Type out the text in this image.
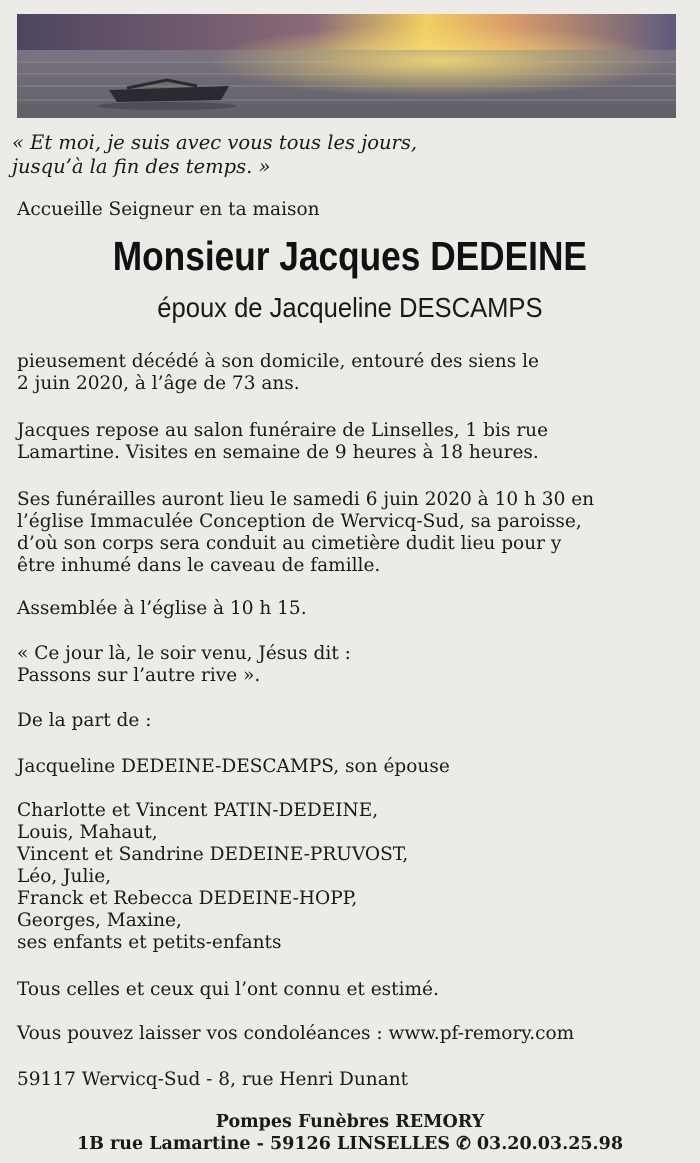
« Et moi, je suis avec vous tous les jours,
jusqu’à la fin des temps. »
Accueille Seigneur en ta maison
Monsieur Jacques DEDEINE
époux de Jacqueline DESCAMPS
pieusement décédé à son domicile, entouré des siens le
2 juin 2020, à l’âge de 73 ans.
Jacques repose au salon funéraire de Linselles, 1 bis rue
Lamartine. Visites en semaine de 9 heures à 18 heures.
Ses funérailles auront lieu le samedi 6 juin 2020 à 10 h 30 en
l’église Immaculée Conception de Wervicq-Sud, sa paroisse,
d’où son corps sera conduit au cimetière dudit lieu pour y
être inhumé dans le caveau de famille.
Assemblée à l’église à 10 h 15.
« Ce jour là, le soir venu, Jésus dit :
Passons sur l’autre rive ».
De la part de :
Jacqueline DEDEINE-DESCAMPS, son épouse
Charlotte et Vincent PATIN-DEDEINE,
Louis, Mahaut,
Vincent et Sandrine DEDEINE-PRUVOST,
Léo, Julie,
Franck et Rebecca DEDEINE-HOPP,
Georges, Maxine,
ses enfants et petits-enfants
Tous celles et ceux qui l’ont connu et estimé.
Vous pouvez laisser vos condoléances : www.pf-remory.com
59117 Wervicq-Sud - 8, rue Henri Dunant
Pompes Funèbres REMORY
1B rue Lamartine - 59126 LINSELLES ✆ 03.20.03.25.98
